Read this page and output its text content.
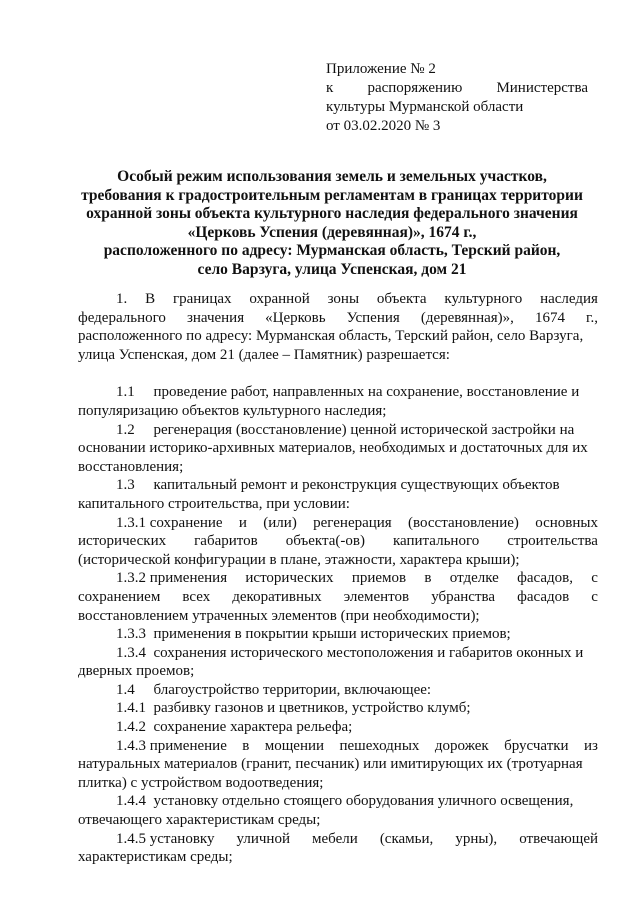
Приложение № 2
к распоряжению Министерства
культуры Мурманской области
от 03.02.2020 № 3
Особый режим использования земель и земельных участков,
требования к градостроительным регламентам в границах территории
охранной зоны объекта культурного наследия федерального значения
«Церковь Успения (деревянная)», 1674 г.,
расположенного по адресу: Мурманская область, Терский район,
село Варзуга, улица Успенская, дом 21
1. В границах охранной зоны объекта культурного наследия
федерального значения «Церковь Успения (деревянная)», 1674 г.,
расположенного по адресу: Мурманская область, Терский район, село Варзуга,
улица Успенская, дом 21 (далее – Памятник) разрешается:
1.1     проведение работ, направленных на сохранение, восстановление и
популяризацию объектов культурного наследия;
1.2     регенерация (восстановление) ценной исторической застройки на
основании историко-архивных материалов, необходимых и достаточных для их
восстановления;
1.3     капитальный ремонт и реконструкция существующих объектов
капитального строительства, при условии:
1.3.1 сохранение и (или) регенерация (восстановление) основных
исторических габаритов объекта(-ов) капитального строительства
(исторической конфигурации в плане, этажности, характера крыши);
1.3.2 применения исторических приемов в отделке фасадов, с
сохранением всех декоративных элементов убранства фасадов с
восстановлением утраченных элементов (при необходимости);
1.3.3  применения в покрытии крыши исторических приемов;
1.3.4  сохранения исторического местоположения и габаритов оконных и
дверных проемов;
1.4     благоустройство территории, включающее:
1.4.1  разбивку газонов и цветников, устройство клумб;
1.4.2  сохранение характера рельефа;
1.4.3 применение в мощении пешеходных дорожек брусчатки из
натуральных материалов (гранит, песчаник) или имитирующих их (тротуарная
плитка) с устройством водоотведения;
1.4.4  установку отдельно стоящего оборудования уличного освещения,
отвечающего характеристикам среды;
1.4.5 установку уличной мебели (скамьи, урны), отвечающей
характеристикам среды;
